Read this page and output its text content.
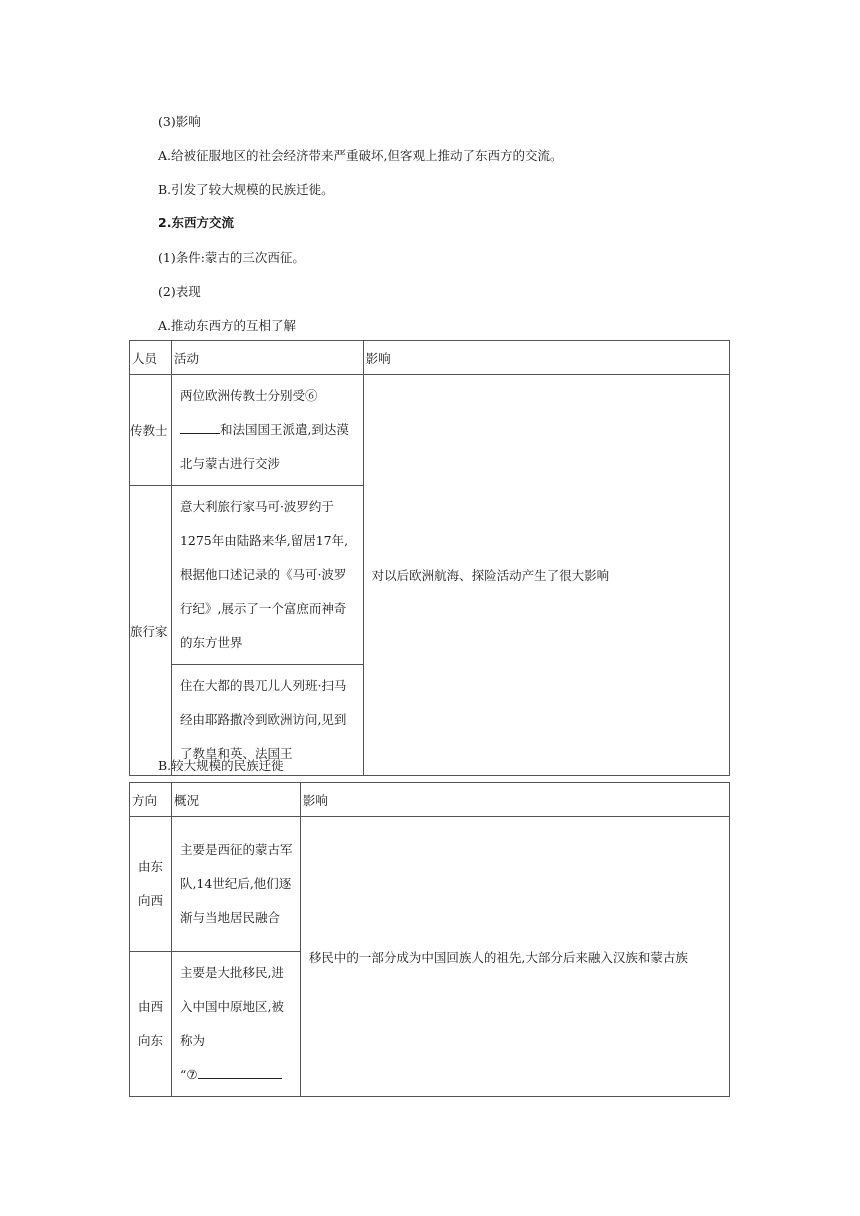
(3)影响
A.给被征服地区的社会经济带来严重破坏,但客观上推动了东西方的交流。
B.引发了较大规模的民族迁徙。
2.东西方交流
(1)条件:蒙古的三次西征。
(2)表现
A.推动东西方的互相了解
人员	活动	影响
传教士	两位欧洲传教士分别受⑥和法国国王派遣,到达漠北与蒙古进行交涉	对以后欧洲航海、探险活动产生了很大影响

旅行家	意大利旅行家马可·波罗约于1275年由陆路来华,留居17年,根据他口述记录的《马可·波罗行纪》,展示了一个富庶而神奇的东方世界	

	住在大都的畏兀儿人列班·扫马经由耶路撒冷到欧洲访问,见到了教皇和英、法国王	
B.较大规模的民族迁徙
方向	概况	影响

由东向西	主要是西征的蒙古军队,14世纪后,他们逐渐与当地居民融合	移民中的一部分成为中国回族人的祖先,大部分后来融入汉族和蒙古族

由西向东	主要是大批移民,进入中国中原地区,被称为
“⑦	
